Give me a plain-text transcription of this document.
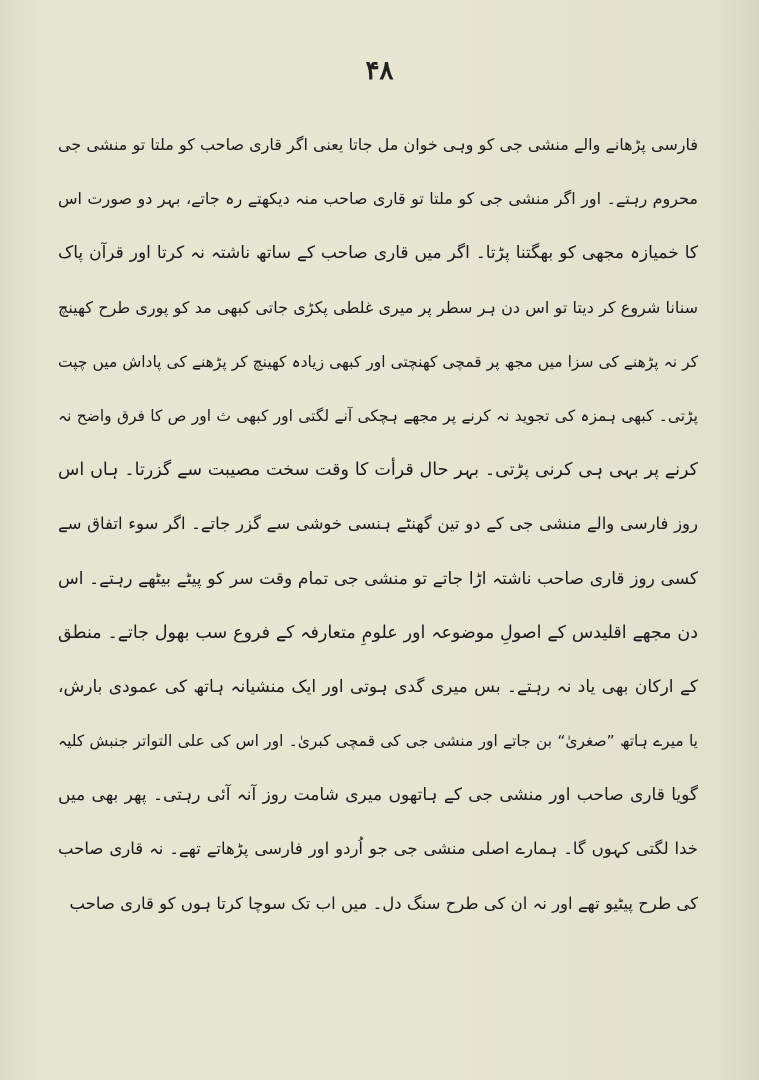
۴۸
فارسی پڑھانے والے منشی جی کو وہی خوان مل جاتا یعنی اگر قاری صاحب کو ملتا تو منشی جی
محروم رہتے۔ اور اگر منشی جی کو ملتا تو قاری صاحب منہ دیکھتے رہ جاتے، بہر دو صورت اس
کا خمیازہ مجھی کو بھگتنا پڑتا۔ اگر میں قاری صاحب کے ساتھ ناشتہ نہ کرتا اور قرآن پاک
سنانا شروع کر دیتا تو اس دن ہر سطر پر میری غلطی پکڑی جاتی کبھی مد کو پوری طرح کھینچ
کر نہ پڑھنے کی سزا میں مجھ پر قمچی کھنچتی اور کبھی زیادہ کھینچ کر پڑھنے کی پاداش میں چپت
پڑتی۔ کبھی ہمزہ کی تجوید نہ کرنے پر مجھے ہچکی آنے لگتی اور کبھی ث اور ص کا فرق واضح نہ
کرنے پر بہی ہی کرنی پڑتی۔ بہر حال قرأت کا وقت سخت مصیبت سے گزرتا۔ ہاں اس
روز فارسی والے منشی جی کے دو تین گھنٹے ہنسی خوشی سے گزر جاتے۔ اگر سوء اتفاق سے
کسی روز قاری صاحب ناشتہ اڑا جاتے تو منشی جی تمام وقت سر کو پیٹے بیٹھے رہتے۔ اس
دن مجھے اقلیدس کے اصولِ موضوعہ اور علومِ متعارفہ کے فروع سب بھول جاتے۔ منطق
کے ارکان بھی یاد نہ رہتے۔ بس میری گدی ہوتی اور ایک منشیانہ ہاتھ کی عمودی بارش،
یا میرے ہاتھ ”صغریٰ“ بن جاتے اور منشی جی کی قمچی کبریٰ۔ اور اس کی علی التواتر جنبش کلیہ
گویا قاری صاحب اور منشی جی کے ہاتھوں میری شامت روز آنہ آئی رہتی۔ پھر بھی میں
خدا لگتی کہوں گا۔ ہمارے اصلی منشی جی جو اُردو اور فارسی پڑھاتے تھے۔ نہ قاری صاحب
کی طرح پیٹیو تھے اور نہ ان کی طرح سنگ دل۔ میں اب تک سوچا کرتا ہوں کو قاری صاحب
